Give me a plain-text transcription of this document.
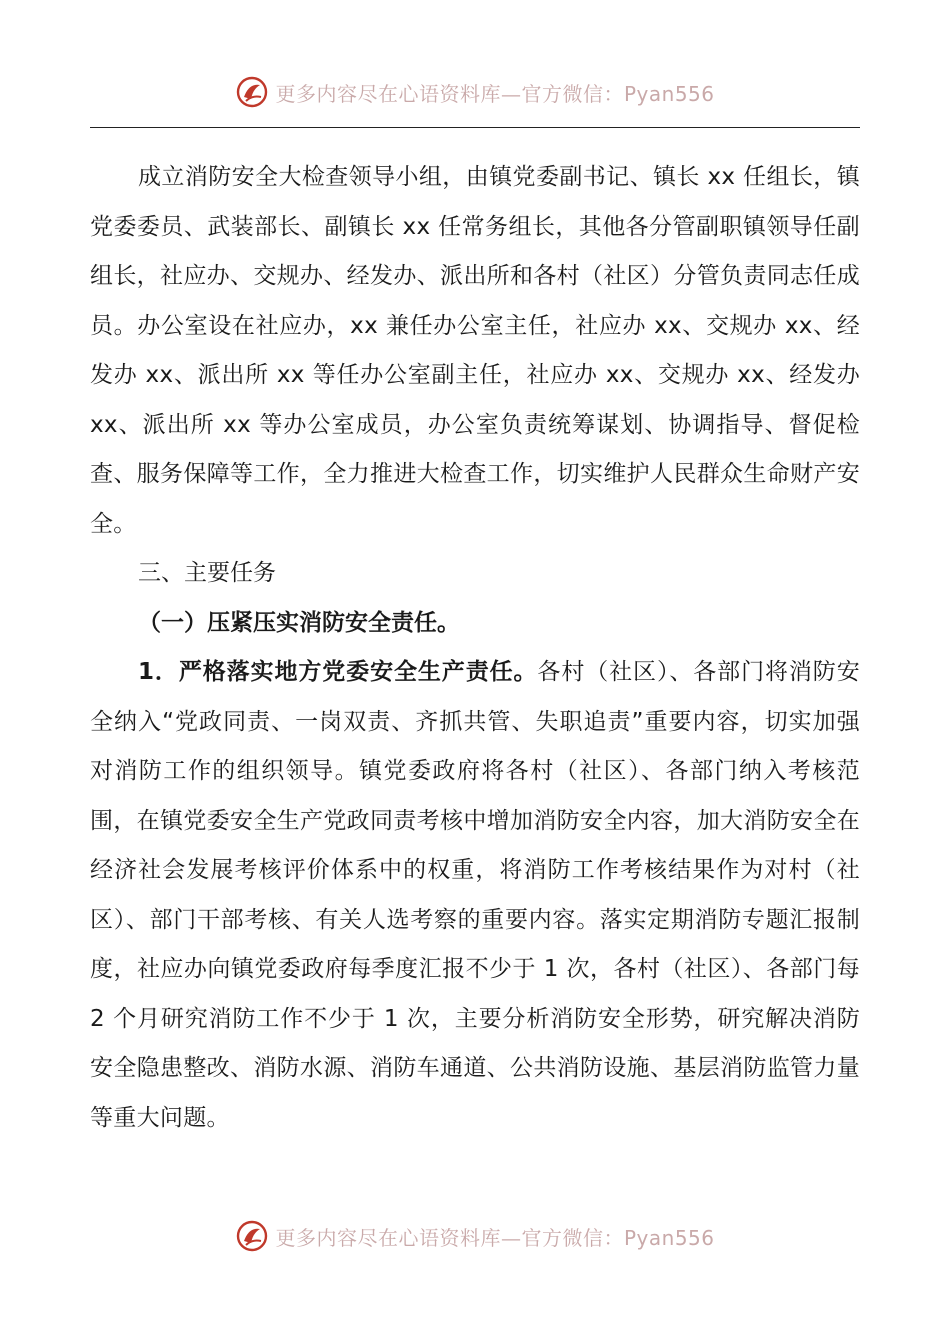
更多内容尽在心语资料库—官方微信：Pyan556

成立消防安全大检查领导小组，由镇党委副书记、镇长 xx 任组长，镇党委委员、武装部长、副镇长 xx 任常务组长，其他各分管副职镇领导任副组长，社应办、交规办、经发办、派出所和各村（社区）分管负责同志任成员。办公室设在社应办，xx 兼任办公室主任，社应办 xx、交规办 xx、经发办 xx、派出所 xx 等任办公室副主任，社应办 xx、交规办 xx、经发办 xx、派出所 xx 等办公室成员，办公室负责统筹谋划、协调指导、督促检查、服务保障等工作，全力推进大检查工作，切实维护人民群众生命财产安全。

三、主要任务

（一）压紧压实消防安全责任。

1．严格落实地方党委安全生产责任。各村（社区）、各部门将消防安全纳入“党政同责、一岗双责、齐抓共管、失职追责”重要内容，切实加强对消防工作的组织领导。镇党委政府将各村（社区）、各部门纳入考核范围，在镇党委安全生产党政同责考核中增加消防安全内容，加大消防安全在经济社会发展考核评价体系中的权重，将消防工作考核结果作为对村（社区）、部门干部考核、有关人选考察的重要内容。落实定期消防专题汇报制度，社应办向镇党委政府每季度汇报不少于 1 次，各村（社区）、各部门每 2 个月研究消防工作不少于 1 次，主要分析消防安全形势，研究解决消防安全隐患整改、消防水源、消防车通道、公共消防设施、基层消防监管力量等重大问题。

更多内容尽在心语资料库—官方微信：Pyan556
